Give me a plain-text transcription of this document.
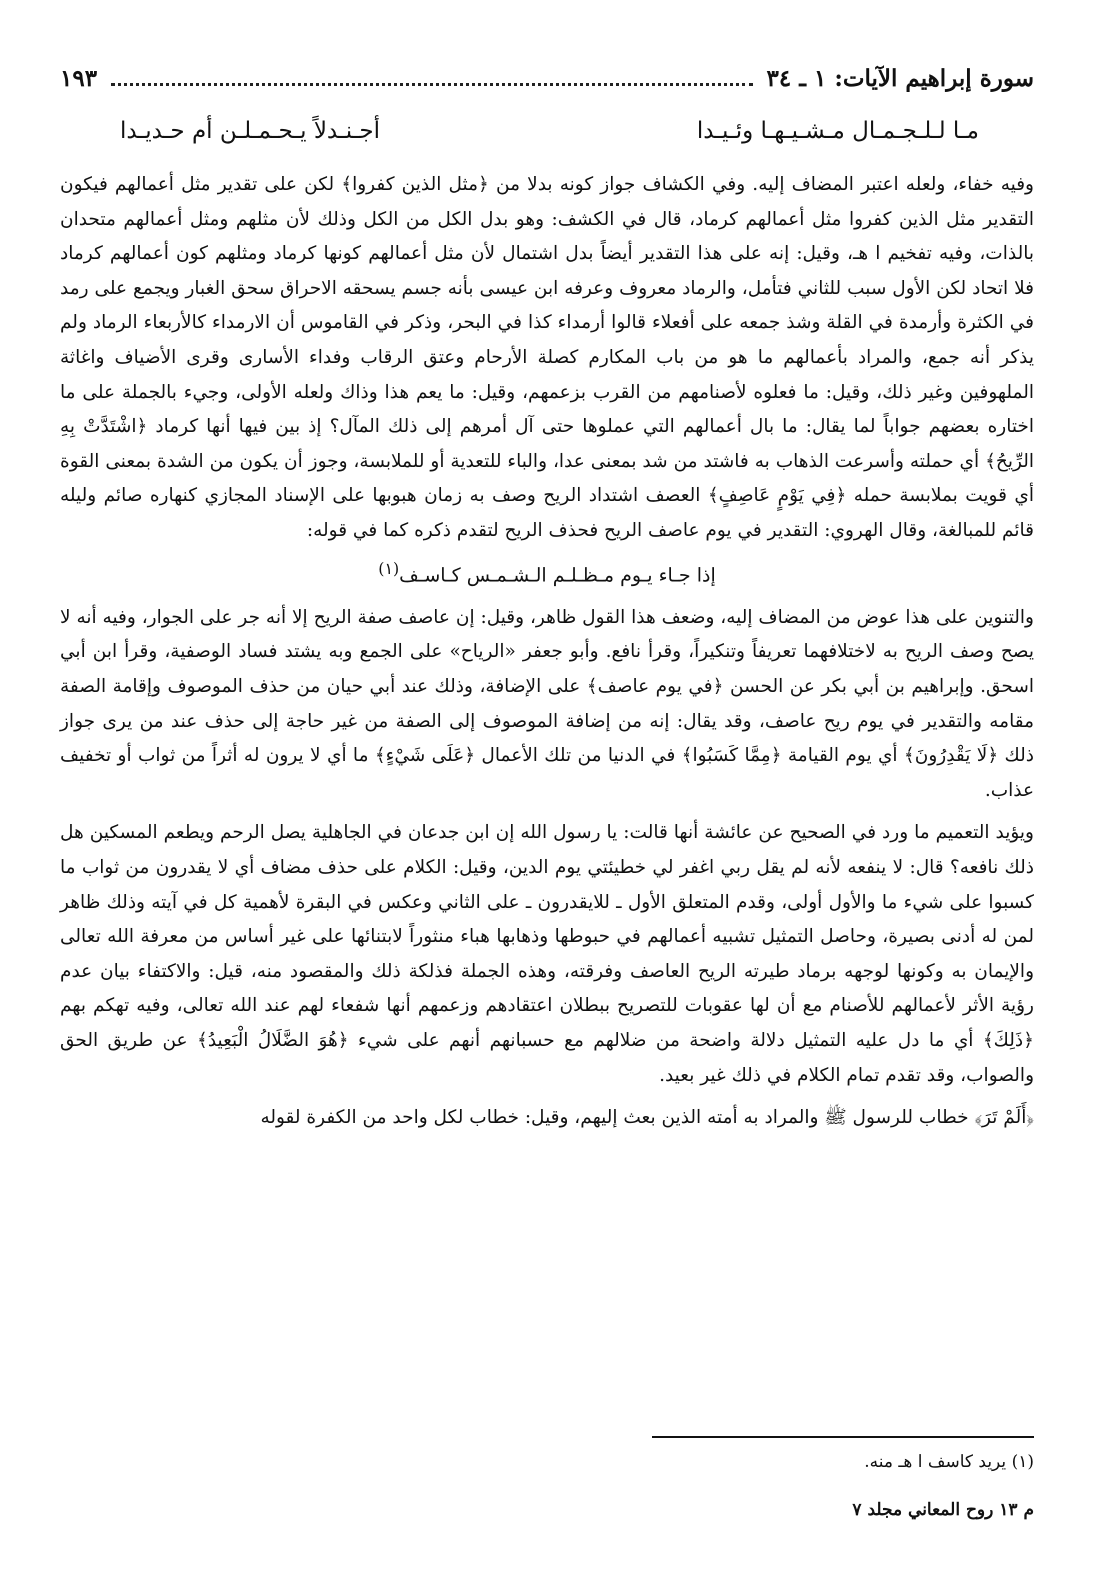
سورة إبراهيم الآيات: ١ ـ ٣٤
١٩٣
مـا لـلـجـمـال مـشـيـهـا وئـيـدا
أجـنـدلاً يـحـمـلـن أم حـديـدا

وفيه خفاء، ولعله اعتبر المضاف إليه. وفي الكشاف جواز كونه بدلا من ﴿مثل الذين كفروا﴾ لكن على تقدير مثل أعمالهم فيكون التقدير مثل الذين كفروا مثل أعمالهم كرماد، قال في الكشف: وهو بدل الكل من الكل وذلك لأن مثلهم ومثل أعمالهم متحدان بالذات، وفيه تفخيم ا هـ، وقيل: إنه على هذا التقدير أيضاً بدل اشتمال لأن مثل أعمالهم كونها كرماد ومثلهم كون أعمالهم كرماد فلا اتحاد لكن الأول سبب للثاني فتأمل، والرماد معروف وعرفه ابن عيسى بأنه جسم يسحقه الاحراق سحق الغبار ويجمع على رمد في الكثرة وأرمدة في القلة وشذ جمعه على أفعلاء قالوا أرمداء كذا في البحر، وذكر في القاموس أن الارمداء كالأربعاء الرماد ولم يذكر أنه جمع، والمراد بأعمالهم ما هو من باب المكارم كصلة الأرحام وعتق الرقاب وفداء الأسارى وقرى الأضياف واغاثة الملهوفين وغير ذلك، وقيل: ما فعلوه لأصنامهم من القرب بزعمهم، وقيل: ما يعم هذا وذاك ولعله الأولى، وجيء بالجملة على ما اختاره بعضهم جواباً لما يقال: ما بال أعمالهم التي عملوها حتى آل أمرهم إلى ذلك المآل؟ إذ بين فيها أنها كرماد ﴿اشْتَدَّتْ بِهِ الرِّيحُ﴾ أي حملته وأسرعت الذهاب به فاشتد من شد بمعنى عدا، والباء للتعدية أو للملابسة، وجوز أن يكون من الشدة بمعنى القوة أي قويت بملابسة حمله ﴿فِي يَوْمٍ عَاصِفٍ﴾ العصف اشتداد الريح وصف به زمان هبوبها على الإسناد المجازي كنهاره صائم وليله قائم للمبالغة، وقال الهروي: التقدير في يوم عاصف الريح فحذف الريح لتقدم ذكره كما في قوله:

إذا جـاء يـوم مـظـلـم الـشـمـس كـاسـف$^{(١)}$

والتنوين على هذا عوض من المضاف إليه، وضعف هذا القول ظاهر، وقيل: إن عاصف صفة الريح إلا أنه جر على الجوار، وفيه أنه لا يصح وصف الريح به لاختلافهما تعريفاً وتنكيراً، وقرأ نافع. وأبو جعفر «الرياح» على الجمع وبه يشتد فساد الوصفية، وقرأ ابن أبي اسحق. وإبراهيم بن أبي بكر عن الحسن ﴿في يوم عاصف﴾ على الإضافة، وذلك عند أبي حيان من حذف الموصوف وإقامة الصفة مقامه والتقدير في يوم ريح عاصف، وقد يقال: إنه من إضافة الموصوف إلى الصفة من غير حاجة إلى حذف عند من يرى جواز ذلك ﴿لَا يَقْدِرُونَ﴾ أي يوم القيامة ﴿مِمَّا كَسَبُوا﴾ في الدنيا من تلك الأعمال ﴿عَلَى شَيْءٍ﴾ ما أي لا يرون له أثراً من ثواب أو تخفيف عذاب.

ويؤيد التعميم ما ورد في الصحيح عن عائشة أنها قالت: يا رسول الله إن ابن جدعان في الجاهلية يصل الرحم ويطعم المسكين هل ذلك نافعه؟ قال: لا ينفعه لأنه لم يقل ربي اغفر لي خطيئتي يوم الدين، وقيل: الكلام على حذف مضاف أي لا يقدرون من ثواب ما كسبوا على شيء ما والأول أولى، وقدم المتعلق الأول ـ للايقدرون ـ على الثاني وعكس في البقرة لأهمية كل في آيته وذلك ظاهر لمن له أدنى بصيرة، وحاصل التمثيل تشبيه أعمالهم في حبوطها وذهابها هباء منثوراً لابتنائها على غير أساس من معرفة الله تعالى والإيمان به وكونها لوجهه برماد طيرته الريح العاصف وفرقته، وهذه الجملة فذلكة ذلك والمقصود منه، قيل: والاكتفاء بيان عدم رؤية الأثر لأعمالهم للأصنام مع أن لها عقوبات للتصريح ببطلان اعتقادهم وزعمهم أنها شفعاء لهم عند الله تعالى، وفيه تهكم بهم ﴿ذَلِكَ﴾ أي ما دل عليه التمثيل دلالة واضحة من ضلالهم مع حسبانهم أنهم على شيء ﴿هُوَ الضَّلَالُ الْبَعِيدُ﴾ عن طريق الحق والصواب، وقد تقدم تمام الكلام في ذلك غير بعيد.

﴿أَلَمْ تَرَ﴾ خطاب للرسول ﷺ والمراد به أمته الذين بعث إليهم، وقيل: خطاب لكل واحد من الكفرة لقوله

(١) يريد كاسف ا هـ منه.
م ١٣ روح المعاني مجلد ٧
